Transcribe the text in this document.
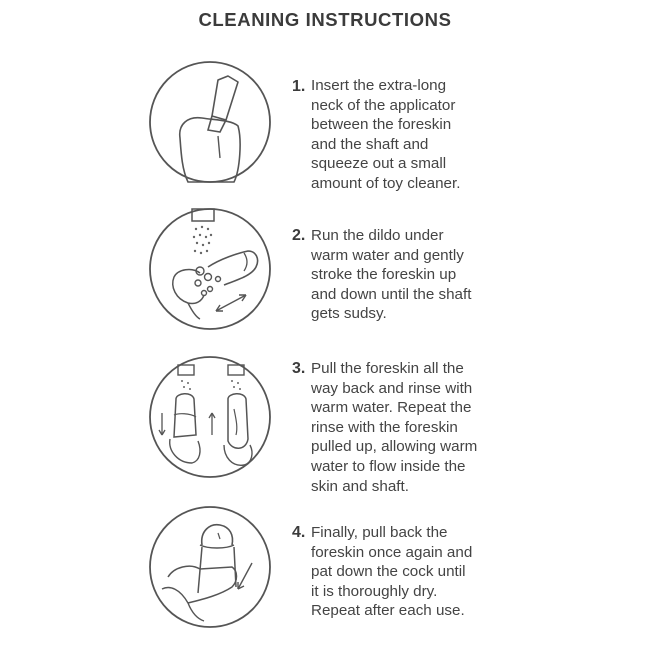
CLEANING INSTRUCTIONS
1. Insert the extra-long
neck of the applicator
between the foreskin
and the shaft and
squeeze out a small
amount of toy cleaner.
2. Run the dildo under
warm water and gently
stroke the foreskin up
and down until the shaft
gets sudsy.
3. Pull the foreskin all the
way back and rinse with
warm water. Repeat the
rinse with the foreskin
pulled up, allowing warm
water to flow inside the
skin and shaft.
4. Finally, pull back the
foreskin once again and
pat down the cock until
it is thoroughly dry.
Repeat after each use.
